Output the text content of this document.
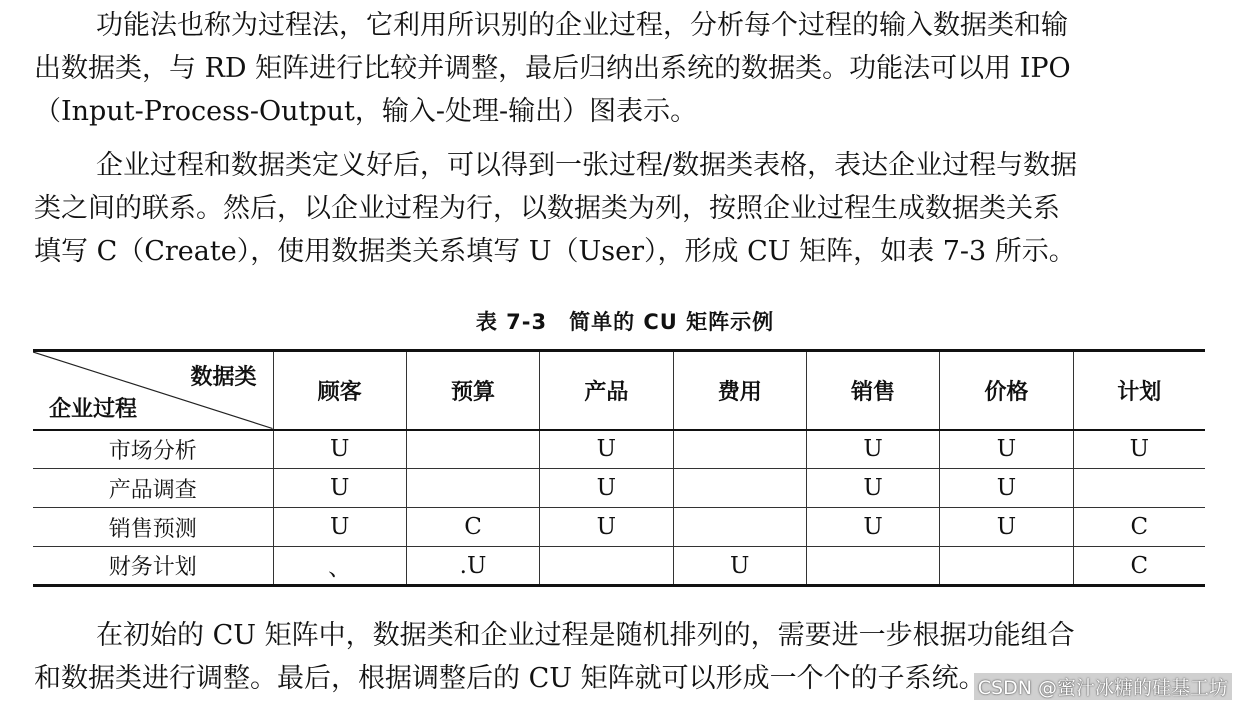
功能法也称为过程法，它利用所识别的企业过程，分析每个过程的输入数据类和输
出数据类，与 RD 矩阵进行比较并调整，最后归纳出系统的数据类。功能法可以用 IPO
（Input-Process-Output，输入-处理-输出）图表示。

企业过程和数据类定义好后，可以得到一张过程/数据类表格，表达企业过程与数据
类之间的联系。然后，以企业过程为行，以数据类为列，按照企业过程生成数据类关系
填写 C（Create），使用数据类关系填写 U（User），形成 CU 矩阵，如表 7-3 所示。

表 7-3　简单的 CU 矩阵示例
数据类
企业过程	顾客	预算	产品	费用	销售	价格	计划
市场分析	U		U		U	U	U
产品调查	U		U		U	U	
销售预测	U	C	U		U	U	C
财务计划	、	.U		U			C

在初始的 CU 矩阵中，数据类和企业过程是随机排列的，需要进一步根据功能组合
和数据类进行调整。最后，根据调整后的 CU 矩阵就可以形成一个个的子系统。

CSDN @蜜汁冰糖的硅基工坊
